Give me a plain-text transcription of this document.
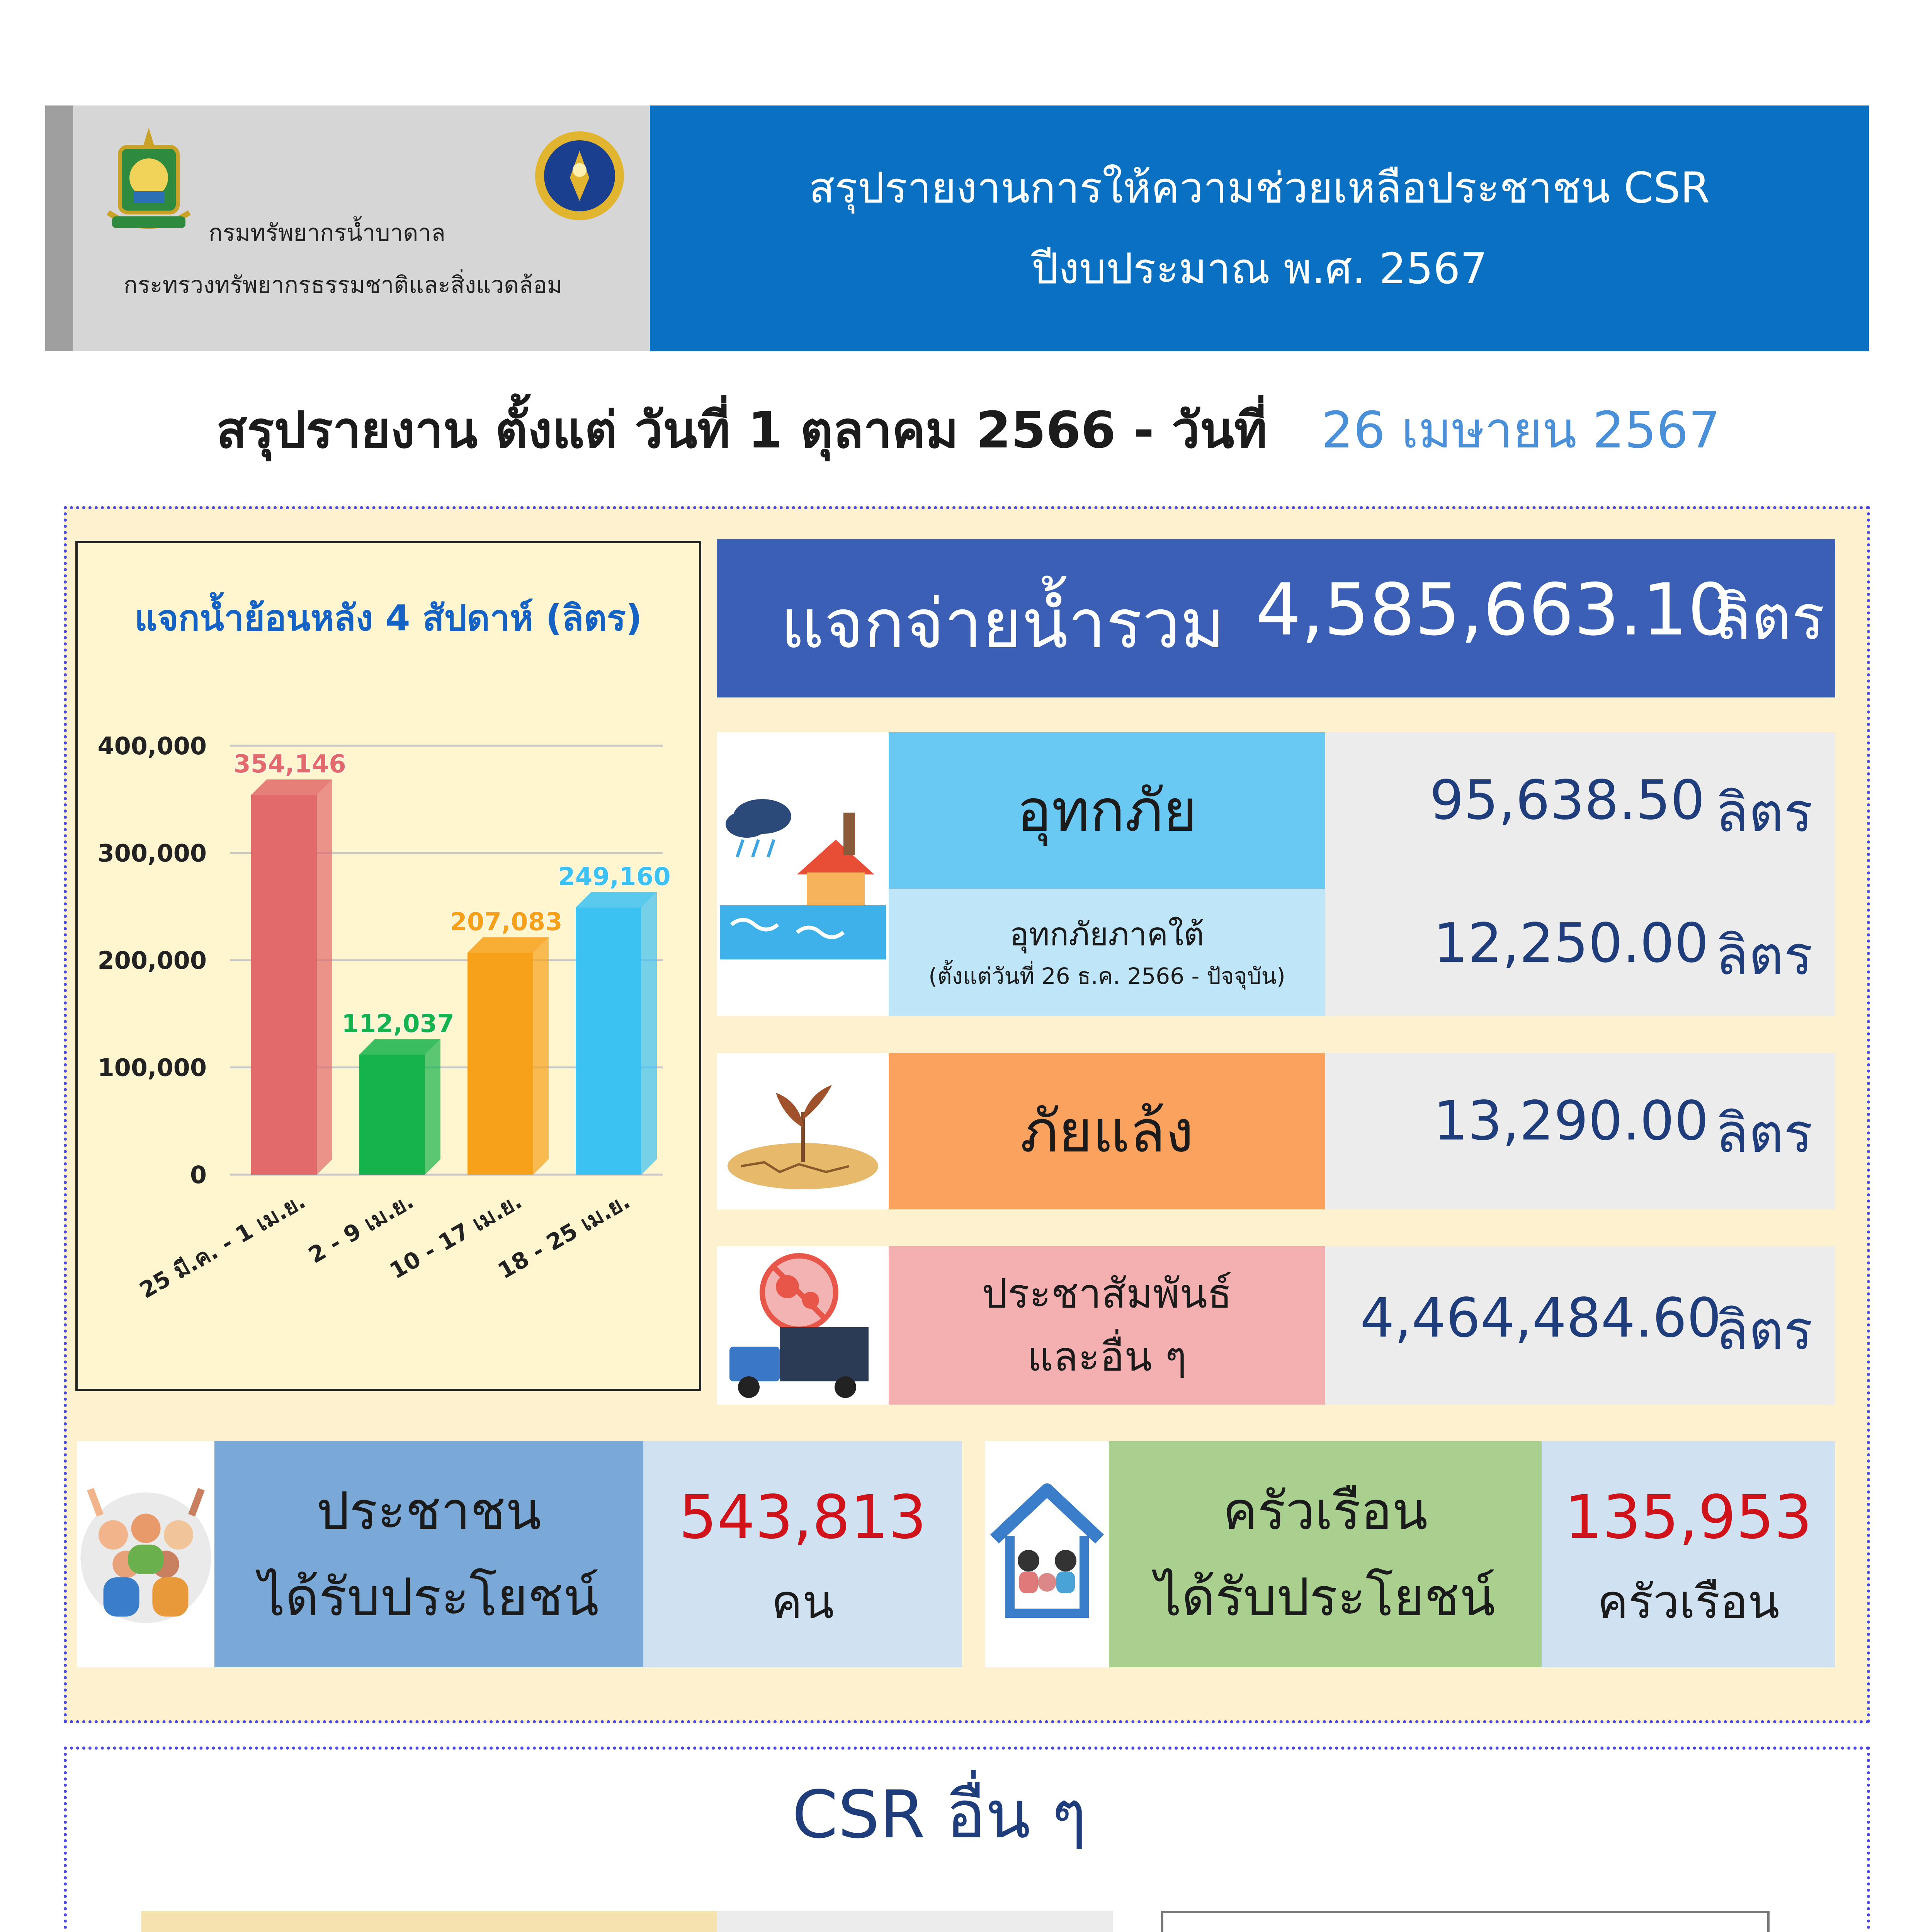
กรมทรัพยากรน้ำบาดาล
กระทรวงทรัพยากรธรรมชาติและสิ่งแวดล้อม
สรุปรายงานการให้ความช่วยเหลือประชาชน CSR
ปีงบประมาณ พ.ศ. 2567
สรุปรายงาน ตั้งแต่ วันที่ 1 ตุลาคม 2566 - วันที่ 26 เมษายน 2567
แจกน้ำย้อนหลัง 4 สัปดาห์ (ลิตร)
0
100,000
200,000
300,000
400,000
354,146
25 มี.ค. - 1 เม.ย.
112,037
2 - 9 เม.ย.
207,083
10 - 17 เม.ย.
249,160
18 - 25 เม.ย.
แจกจ่ายน้ำรวม 4,585,663.10
ลิตร
อุทกภัย
อุทกภัยภาคใต้
(ตั้งแต่วันที่ 26 ธ.ค. 2566 - ปัจจุบัน)
95,638.50 ลิตร
12,250.00 ลิตร
ภัยแล้ง	13,290.00 ลิตร
ประชาสัมพันธ์
และอื่น ๆ
4,464,484.60
ลิตร
ประชาชน
ได้รับประโยชน์
543,813
คน
ครัวเรือน
ได้รับประโยชน์
135,953
ครัวเรือน
CSR อื่น ๆ
